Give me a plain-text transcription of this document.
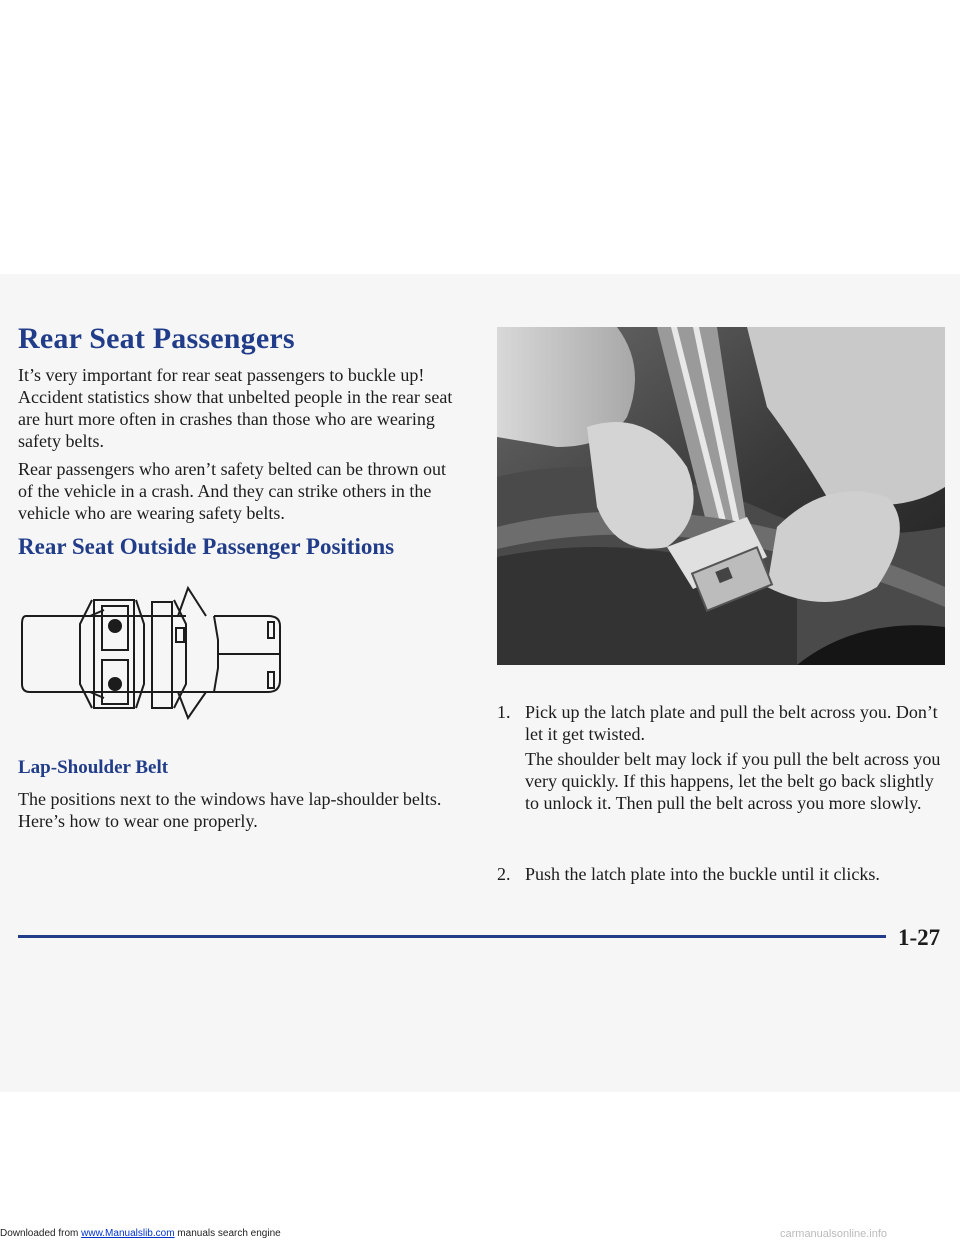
Rear Seat Passengers

It’s very important for rear seat passengers to buckle up! Accident statistics show that unbelted people in the rear seat are hurt more often in crashes than those who are wearing safety belts.

Rear passengers who aren’t safety belted can be thrown out of the vehicle in a crash. And they can strike others in the vehicle who are wearing safety belts.

Rear Seat Outside Passenger Positions
Lap-Shoulder Belt

The positions next to the windows have lap-shoulder belts. Here’s how to wear one properly.

1. Pick up the latch plate and pull the belt across you. Don’t let it get twisted.

The shoulder belt may lock if you pull the belt across you very quickly. If this happens, let the belt go back slightly to unlock it. Then pull the belt across you more slowly.

2. Push the latch plate into the buckle until it clicks.

1-27
Downloaded from www.Manualslib.com manuals search engine	carmanualsonline.info
